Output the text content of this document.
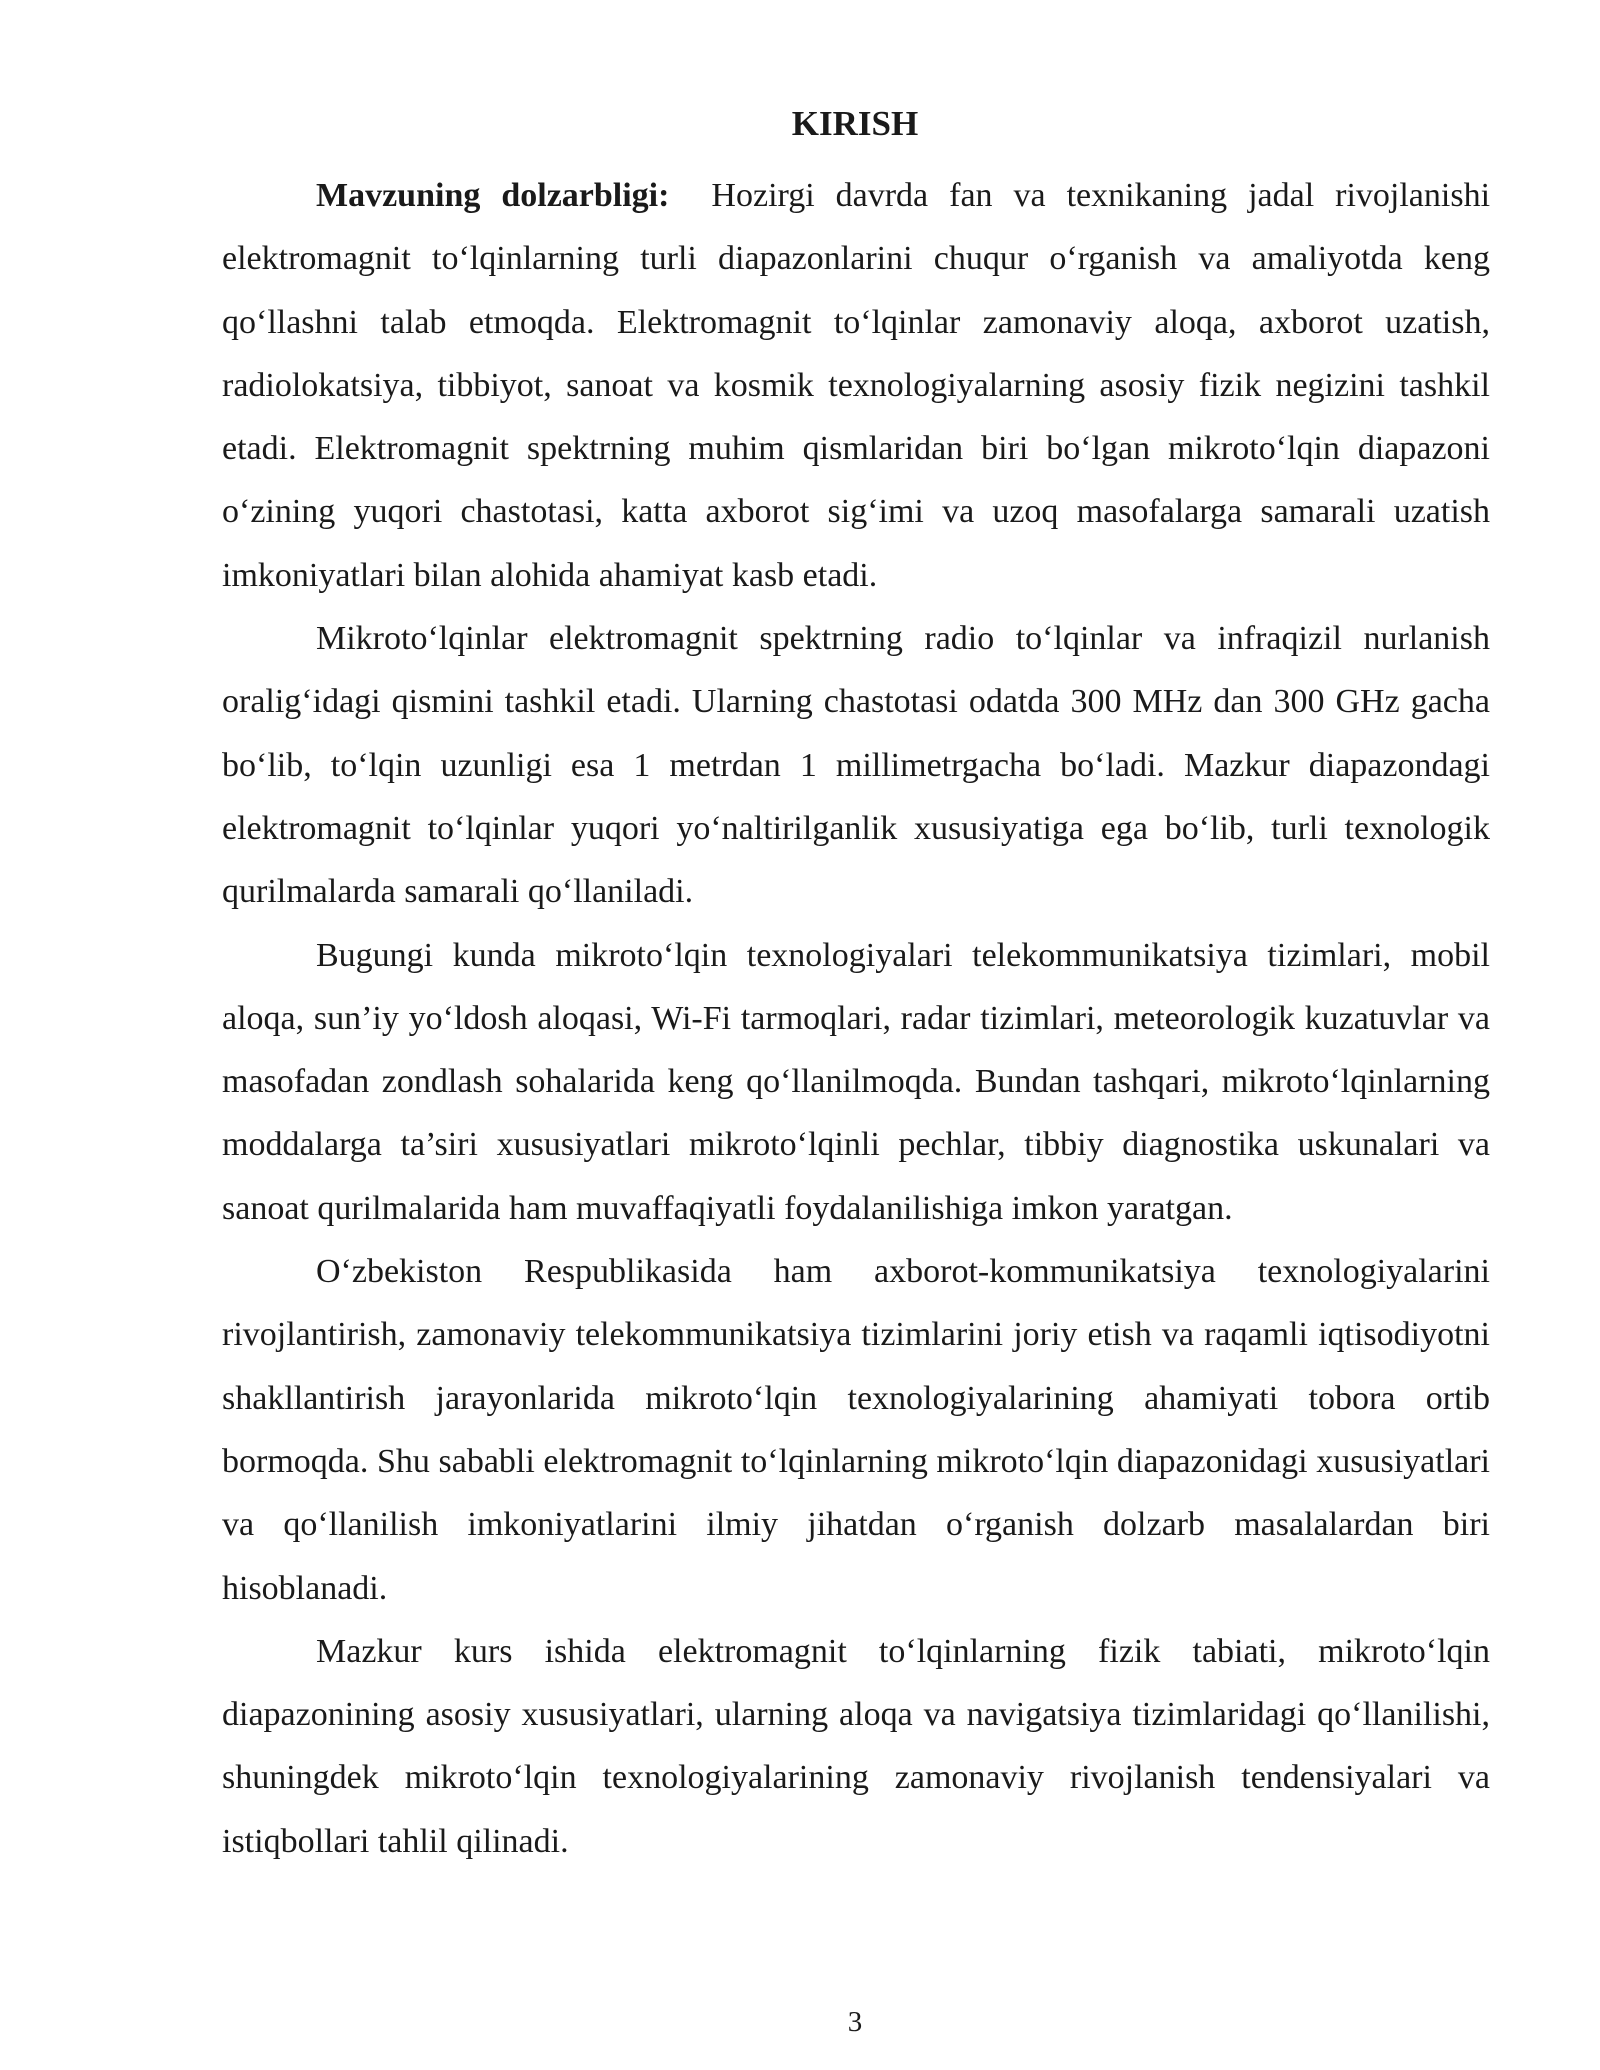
KIRISH

Mavzuning dolzarbligi: Hozirgi davrda fan va texnikaning jadal rivojlanishi elektromagnit to‘lqinlarning turli diapazonlarini chuqur o‘rganish va amaliyotda keng qo‘llashni talab etmoqda. Elektromagnit to‘lqinlar zamonaviy aloqa, axborot uzatish, radiolokatsiya, tibbiyot, sanoat va kosmik texnologiyalarning asosiy fizik negizini tashkil etadi. Elektromagnit spektrning muhim qismlaridan biri bo‘lgan mikroto‘lqin diapazoni o‘zining yuqori chastotasi, katta axborot sig‘imi va uzoq masofalarga samarali uzatish imkoniyatlari bilan alohida ahamiyat kasb etadi.

Mikroto‘lqinlar elektromagnit spektrning radio to‘lqinlar va infraqizil nurlanish oralig‘idagi qismini tashkil etadi. Ularning chastotasi odatda 300 MHz dan 300 GHz gacha bo‘lib, to‘lqin uzunligi esa 1 metrdan 1 millimetrgacha bo‘ladi. Mazkur diapazondagi elektromagnit to‘lqinlar yuqori yo‘naltirilganlik xususiyatiga ega bo‘lib, turli texnologik qurilmalarda samarali qo‘llaniladi.

Bugungi kunda mikroto‘lqin texnologiyalari telekommunikatsiya tizimlari, mobil aloqa, sun’iy yo‘ldosh aloqasi, Wi-Fi tarmoqlari, radar tizimlari, meteorologik kuzatuvlar va masofadan zondlash sohalarida keng qo‘llanilmoqda. Bundan tashqari, mikroto‘lqinlarning moddalarga ta’siri xususiyatlari mikroto‘lqinli pechlar, tibbiy diagnostika uskunalari va sanoat qurilmalarida ham muvaffaqiyatli foydalanilishiga imkon yaratgan.

O‘zbekiston Respublikasida ham axborot-kommunikatsiya texnologiyalarini rivojlantirish, zamonaviy telekommunikatsiya tizimlarini joriy etish va raqamli iqtisodiyotni shakllantirish jarayonlarida mikroto‘lqin texnologiyalarining ahamiyati tobora ortib bormoqda. Shu sababli elektromagnit to‘lqinlarning mikroto‘lqin diapazonidagi xususiyatlari va qo‘llanilish imkoniyatlarini ilmiy jihatdan o‘rganish dolzarb masalalardan biri hisoblanadi.

Mazkur kurs ishida elektromagnit to‘lqinlarning fizik tabiati, mikroto‘lqin diapazonining asosiy xususiyatlari, ularning aloqa va navigatsiya tizimlaridagi qo‘llanilishi, shuningdek mikroto‘lqin texnologiyalarining zamonaviy rivojlanish tendensiyalari va istiqbollari tahlil qilinadi.

3
